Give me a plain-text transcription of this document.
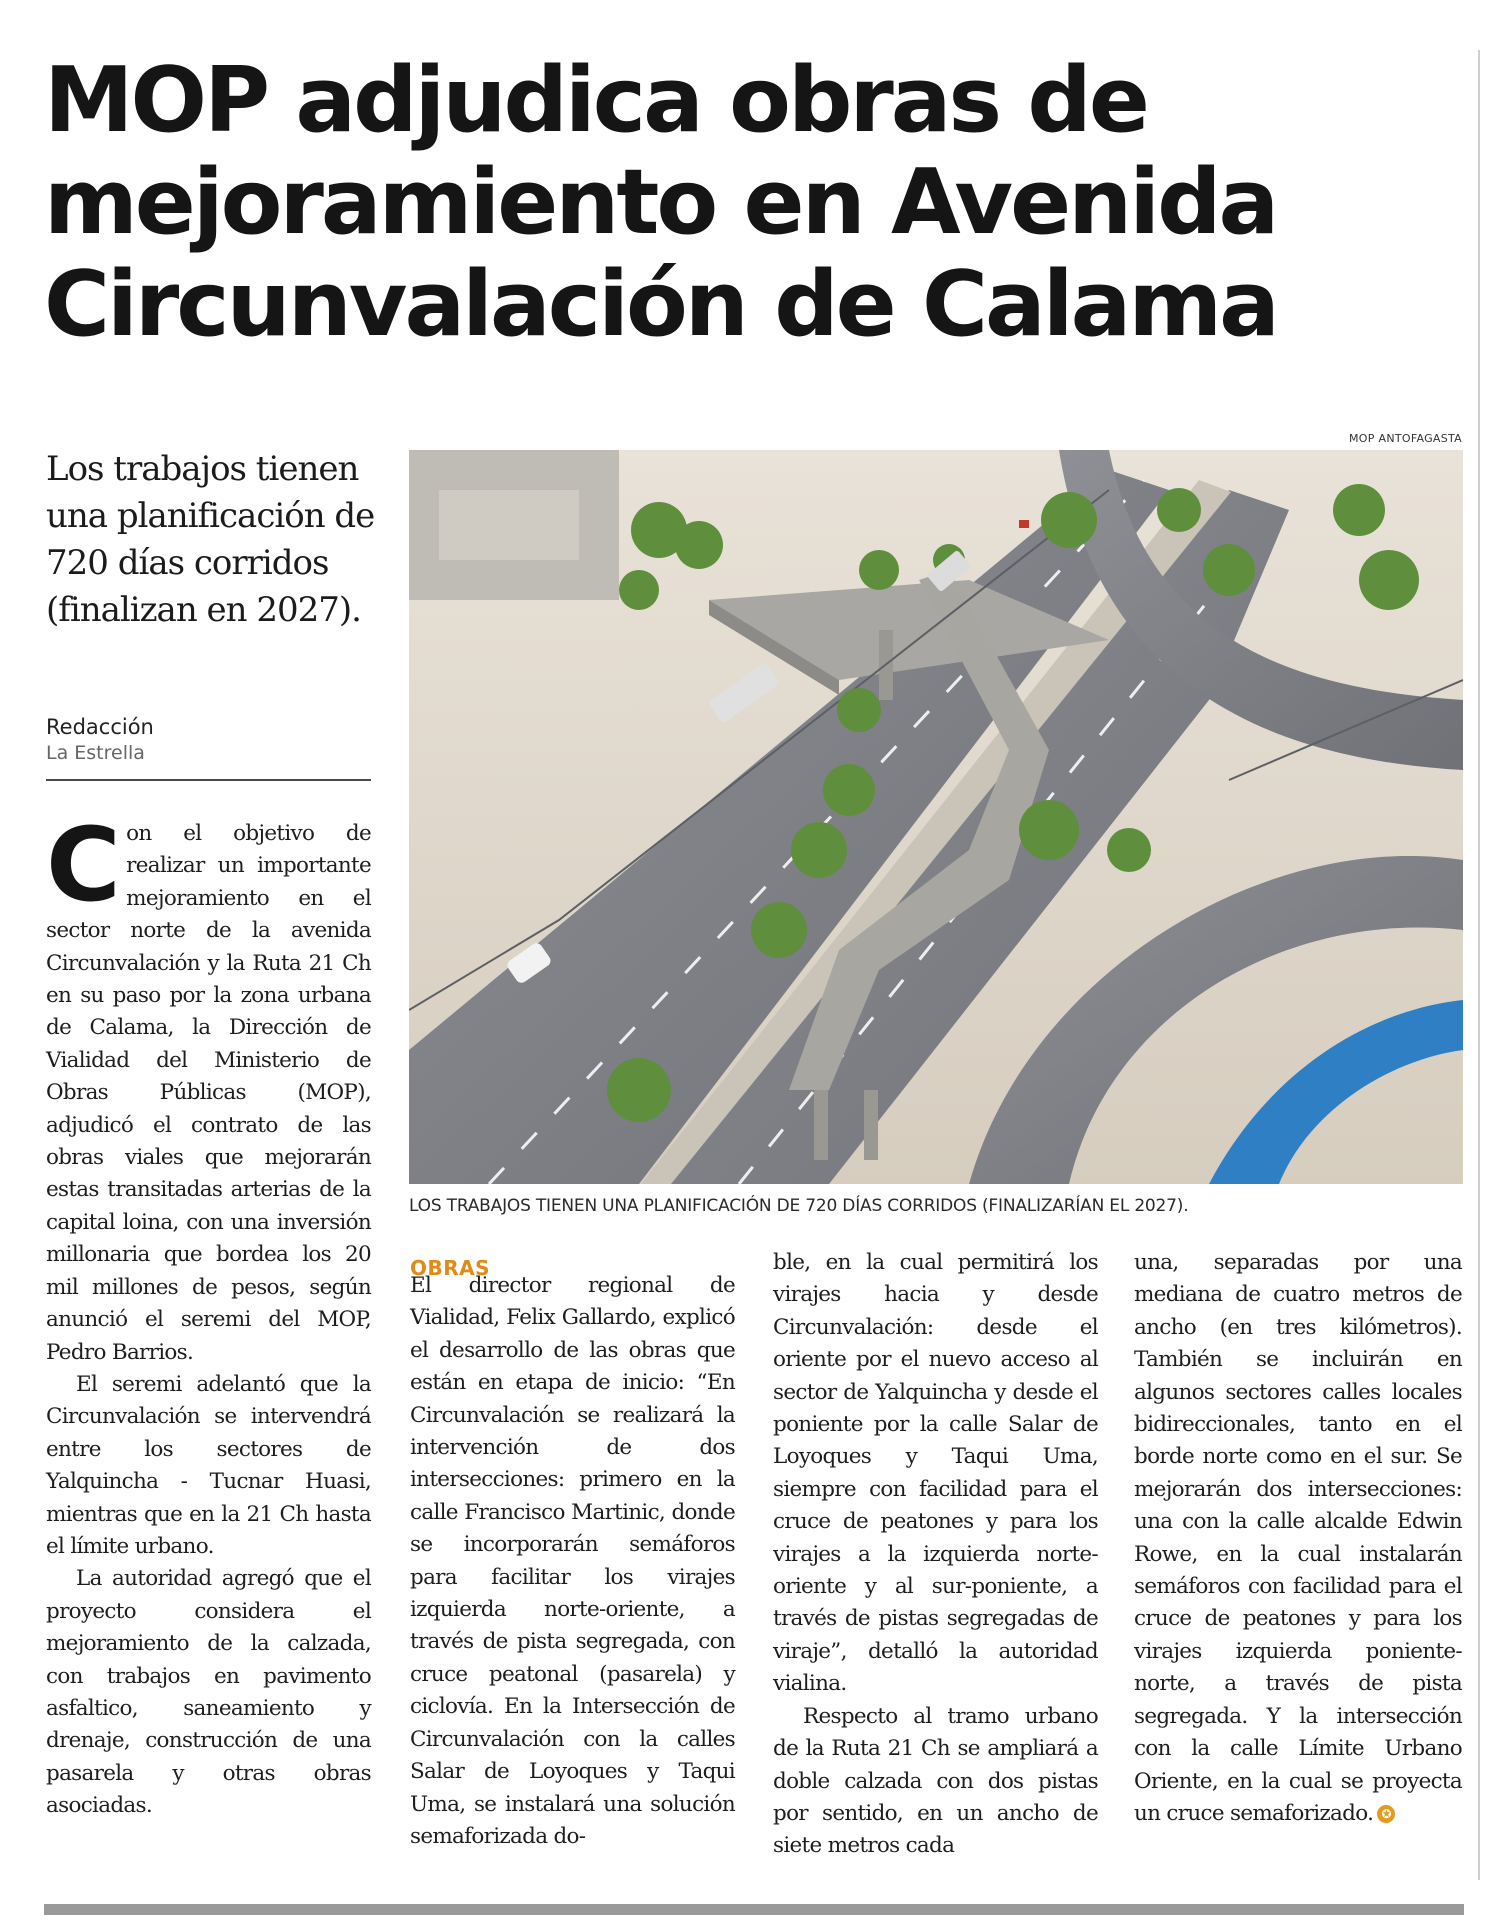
MOP adjudica obras de mejoramiento en Avenida Circunvalación de Calama

Los trabajos tienen una planificación de 720 días corridos (finalizan en 2027).

Redacción
La Estrella
MOP ANTOFAGASTA
LOS TRABAJOS TIENEN UNA PLANIFICACIÓN DE 720 DÍAS CORRIDOS (FINALIZARÍAN EL 2027).

Con el objetivo de realizar un importante mejoramiento en el sector norte de la avenida Circunvalación y la Ruta 21 Ch en su paso por la zona urbana de Calama, la Dirección de Vialidad del Ministerio de Obras Públicas (MOP), adjudicó el contrato de las obras viales que mejorarán estas transitadas arterias de la capital loina, con una inversión millonaria que bordea los 20 mil millones de pesos, según anunció el seremi del MOP, Pedro Barrios.

El seremi adelantó que la Circunvalación se intervendrá entre los sectores de Yalquincha - Tucnar Huasi, mientras que en la 21 Ch hasta el límite urbano.

La autoridad agregó que el proyecto considera el mejoramiento de la calzada, con trabajos en pavimento asfaltico, saneamiento y drenaje, construcción de una pasarela y otras obras asociadas.

OBRAS

El director regional de Vialidad, Felix Gallardo, explicó el desarrollo de las obras que están en etapa de inicio: “En Circunvalación se realizará la intervención de dos intersecciones: primero en la calle Francisco Martinic, donde se incorporarán semáforos para facilitar los virajes izquierda norte-oriente, a través de pista segregada, con cruce peatonal (pasarela) y ciclovía. En la Intersección de Circunvalación con la calles Salar de Loyoques y Taqui Uma, se instalará una solución semaforizada do-

ble, en la cual permitirá los virajes hacia y desde Circunvalación: desde el oriente por el nuevo acceso al sector de Yalquincha y desde el poniente por la calle Salar de Loyoques y Taqui Uma, siempre con facilidad para el cruce de peatones y para los virajes a la izquierda norte-oriente y al sur-poniente, a través de pistas segregadas de viraje”, detalló la autoridad vialina.

Respecto al tramo urbano de la Ruta 21 Ch se ampliará a doble calzada con dos pistas por sentido, en un ancho de siete metros cada

una, separadas por una mediana de cuatro metros de ancho (en tres kilómetros). También se incluirán en algunos sectores calles locales bidireccionales, tanto en el borde norte como en el sur. Se mejorarán dos intersecciones: una con la calle alcalde Edwin Rowe, en la cual instalarán semáforos con facilidad para el cruce de peatones y para los virajes izquierda poniente-norte, a través de pista segregada. Y la intersección con la calle Límite Urbano Oriente, en la cual se proyecta un cruce semaforizado. ✪
